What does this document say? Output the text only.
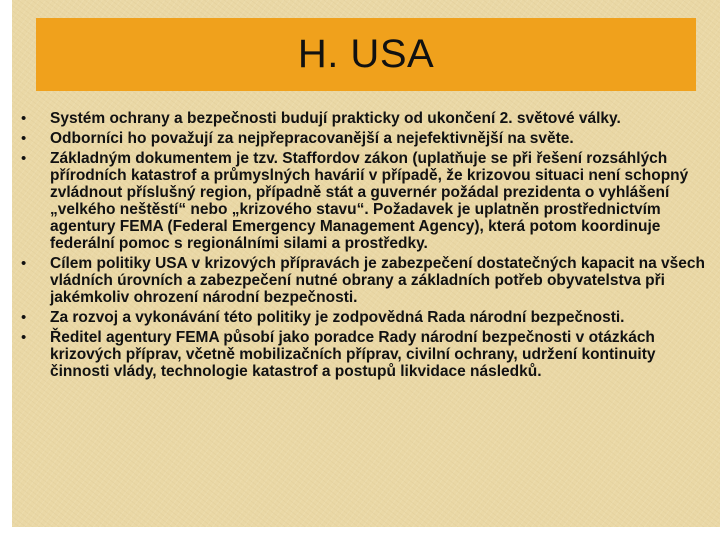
H. USA
• Systém ochrany a bezpečnosti budují prakticky od ukončení 2. světové války.
• Odborníci ho považují za nejpřepracovanější a nejefektivnější na světe.
• Základným dokumentem je tzv. Staffordov zákon (uplatňuje se při řešení rozsáhlých přírodních katastrof a průmyslných havárií v případě, že krizovou situaci není schopný zvládnout příslušný region, případně stát a guvernér požádal prezidenta o vyhlášení „velkého neštěstí“ nebo „krizového stavu“. Požadavek je uplatněn prostřednictvím agentury FEMA (Federal Emergency Management Agency), která potom koordinuje federální pomoc s regionálními silami a prostředky.
• Cílem politiky USA v krizových přípravách je zabezpečení dostatečných kapacit na všech vládních úrovních a zabezpečení nutné obrany a základních potřeb obyvatelstva při jakémkoliv ohrození národní bezpečnosti.
• Za rozvoj a vykonávání této politiky je zodpovědná Rada národní bezpečnosti.
• Ředitel agentury FEMA působí jako poradce Rady národní bezpečnosti v otázkách krizových příprav, včetně mobilizačních příprav, civilní ochrany, udržení kontinuity činnosti vlády, technologie katastrof a postupů likvidace následků.
